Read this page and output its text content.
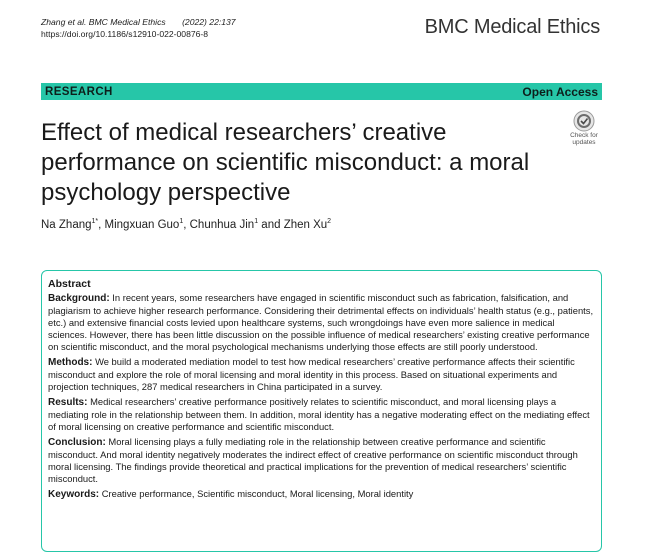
Zhang et al. BMC Medical Ethics (2022) 22:137
https://doi.org/10.1186/s12910-022-00876-8	BMC Medical Ethics
RESEARCH	Open Access
Effect of medical researchers’ creative performance on scientific misconduct: a moral psychology perspective
Check for
updates
Na Zhang$^{1*}$, Mingxuan Guo$^1$, Chunhua Jin$^1$ and Zhen Xu$^2$
Abstract

Background: In recent years, some researchers have engaged in scientific misconduct such as fabrication, falsification, and plagiarism to achieve higher research performance. Considering their detrimental effects on individuals’ health status (e.g., patients, etc.) and extensive financial costs levied upon healthcare systems, such wrongdoings have even more salience in medical sciences. However, there has been little discussion on the possible influence of medical researchers’ existing creative performance on scientific misconduct, and the moral psychological mechanisms underlying those effects are still poorly understood.

Methods: We build a moderated mediation model to test how medical researchers’ creative performance affects their scientific misconduct and explore the role of moral licensing and moral identity in this process. Based on situational experiments and projection techniques, 287 medical researchers in China participated in a survey.

Results: Medical researchers’ creative performance positively relates to scientific misconduct, and moral licensing plays a mediating role in the relationship between them. In addition, moral identity has a negative moderating effect on the mediating effect of moral licensing on creative performance and scientific misconduct.

Conclusion: Moral licensing plays a fully mediating role in the relationship between creative performance and scientific misconduct. And moral identity negatively moderates the indirect effect of creative performance on scientific misconduct through moral licensing. The findings provide theoretical and practical implications for the prevention of medical researchers’ scientific misconduct.

Keywords: Creative performance, Scientific misconduct, Moral licensing, Moral identity
